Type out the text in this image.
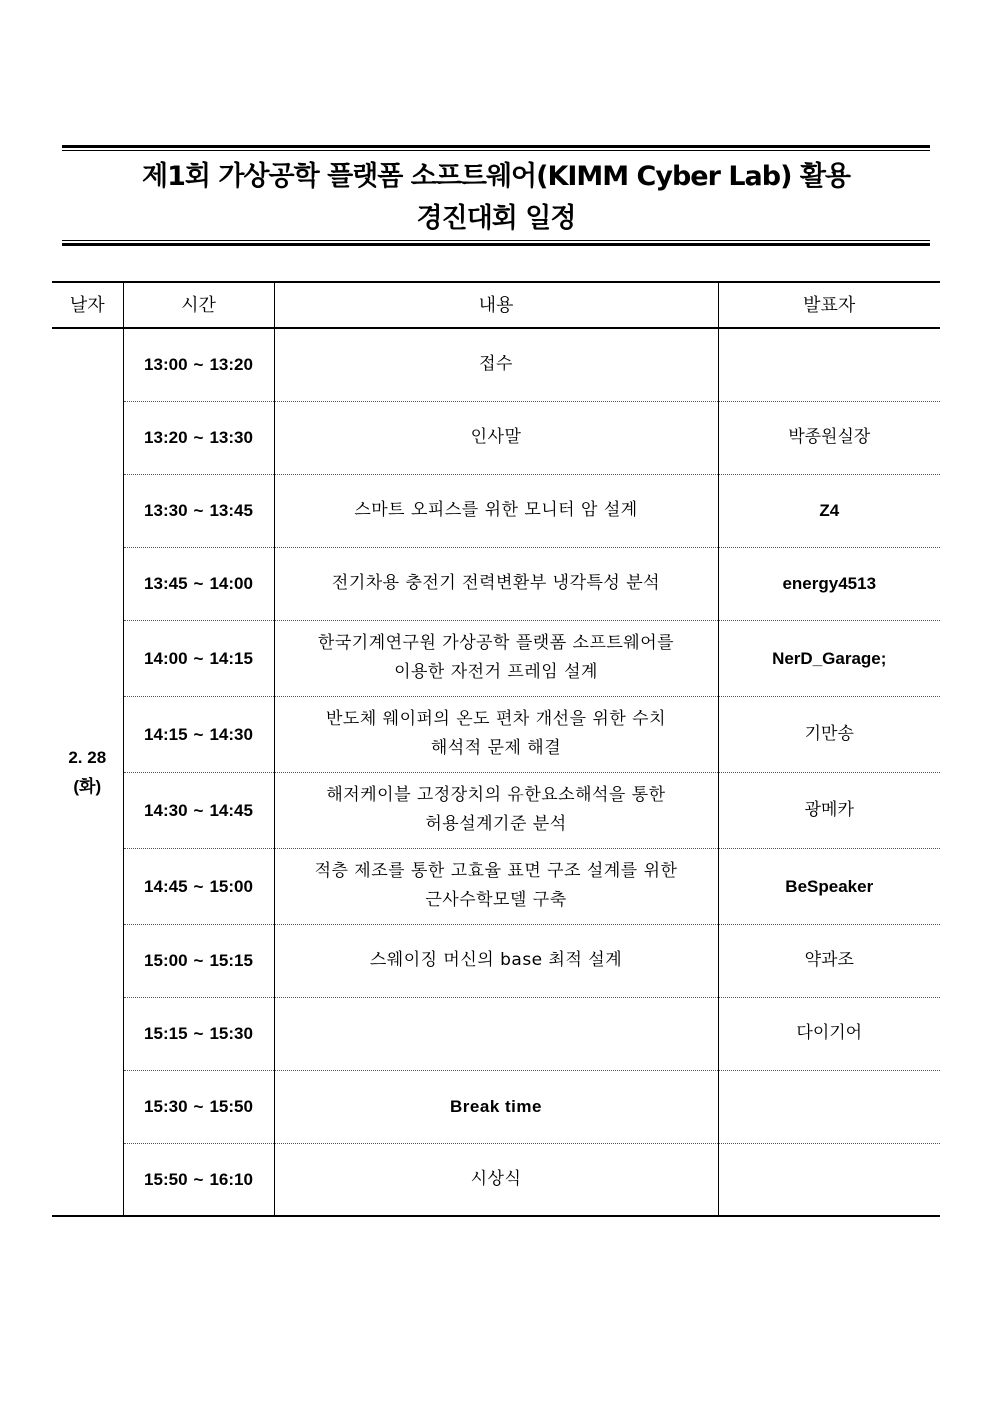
제1회 가상공학 플랫폼 소프트웨어(KIMM Cyber Lab) 활용
경진대회 일정
날자	시간	내용	발표자

2. 28
(화)	13:00 ~ 13:20	접수	

	13:20 ~ 13:30	인사말	박종원실장
	13:30 ~ 13:45	스마트 오피스를 위한 모니터 암 설계	Z4
	13:45 ~ 14:00	전기차용 충전기 전력변환부 냉각특성 분석	energy4513
	14:00 ~ 14:15	한국기계연구원 가상공학 플랫폼 소프트웨어를
이용한 자전거 프레임 설계	NerD_Garage;
	14:15 ~ 14:30	반도체 웨이퍼의 온도 편차 개선을 위한 수치
해석적 문제 해결	기만송
	14:30 ~ 14:45	해저케이블 고정장치의 유한요소해석을 통한
허용설계기준 분석	광메카
	14:45 ~ 15:00	적층 제조를 통한 고효율 표면 구조 설계를 위한
근사수학모델 구축	BeSpeaker
	15:00 ~ 15:15	스웨이징 머신의 base 최적 설계	약과조
	15:15 ~ 15:30		다이기어
	15:30 ~ 15:50	Break time	

	15:50 ~ 16:10	시상식	
